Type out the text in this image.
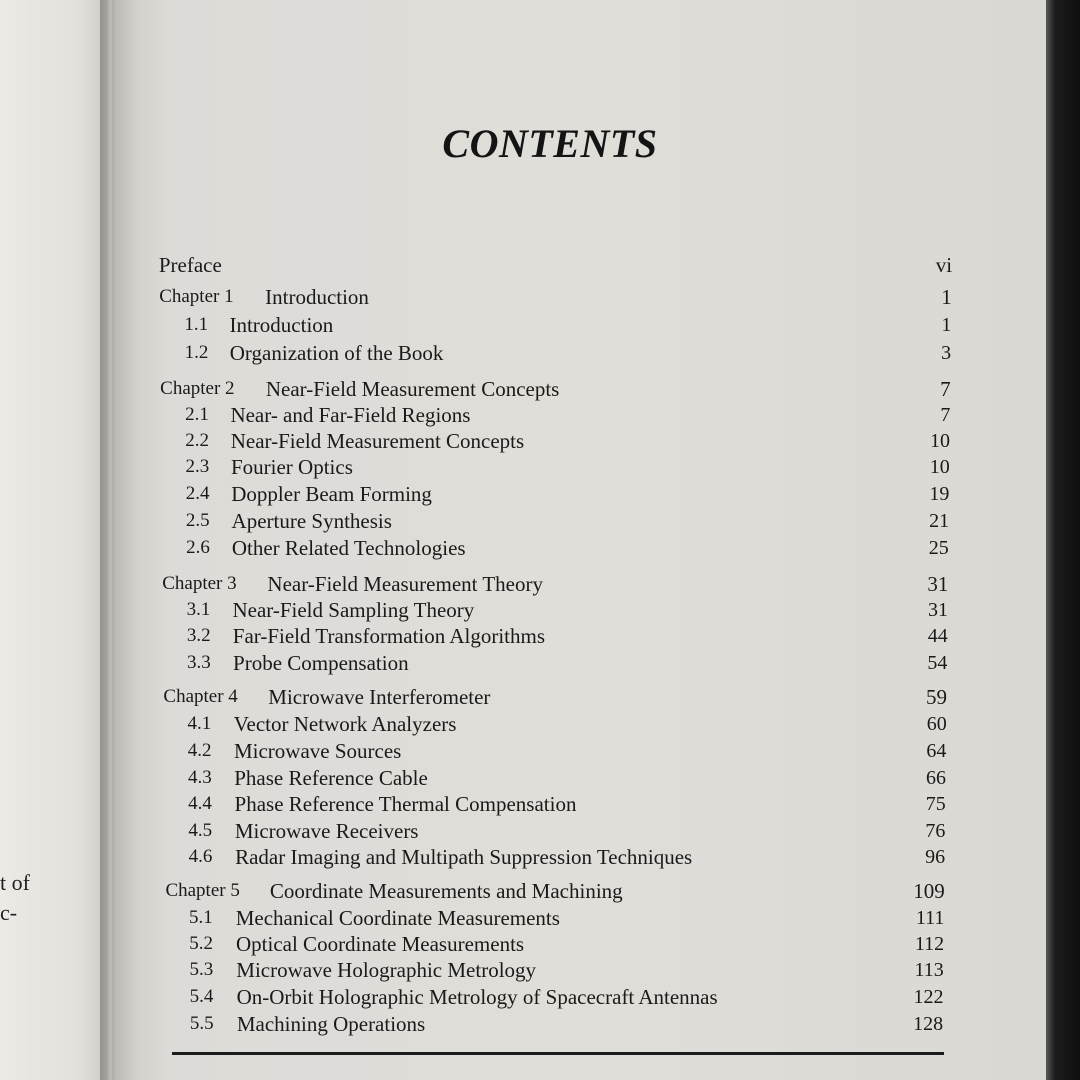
t of
c-
CONTENTS
Preface	vi
Chapter 1 Introduction	1
1.1 Introduction	1
1.2 Organization of the Book	3
Chapter 2 Near-Field Measurement Concepts	7
2.1 Near- and Far-Field Regions	7
2.2 Near-Field Measurement Concepts	10
2.3 Fourier Optics	10
2.4 Doppler Beam Forming	19
2.5 Aperture Synthesis	21
2.6 Other Related Technologies	25
Chapter 3 Near-Field Measurement Theory	31
3.1 Near-Field Sampling Theory	31
3.2 Far-Field Transformation Algorithms	44
3.3 Probe Compensation	54
Chapter 4 Microwave Interferometer	59
4.1 Vector Network Analyzers	60
4.2 Microwave Sources	64
4.3 Phase Reference Cable	66
4.4 Phase Reference Thermal Compensation	75
4.5 Microwave Receivers	76
4.6 Radar Imaging and Multipath Suppression Techniques	96
Chapter 5 Coordinate Measurements and Machining	109
5.1 Mechanical Coordinate Measurements	111
5.2 Optical Coordinate Measurements	112
5.3 Microwave Holographic Metrology	113
5.4 On-Orbit Holographic Metrology of Spacecraft Antennas	122
5.5 Machining Operations	128
